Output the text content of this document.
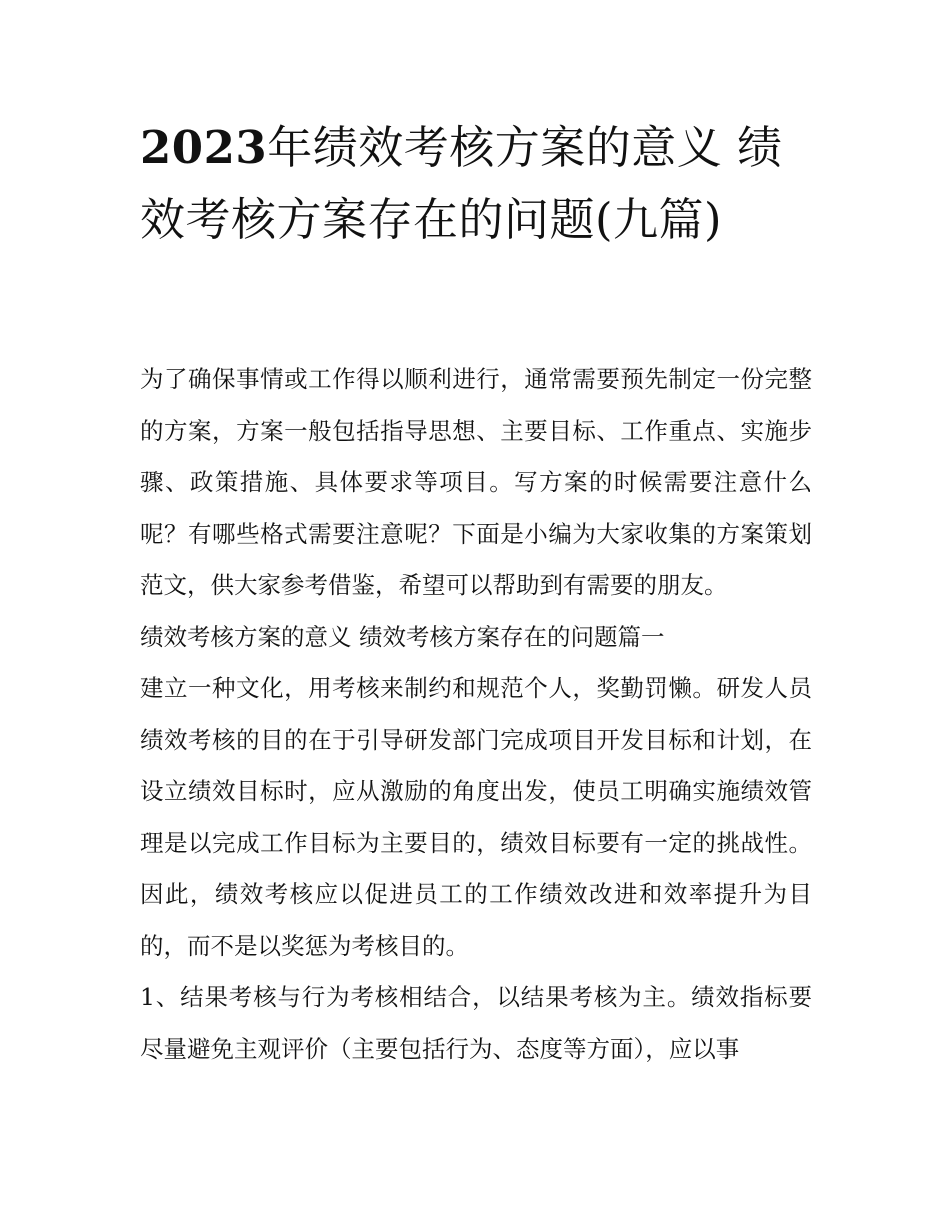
2023年绩效考核方案的意义 绩效考核方案存在的问题(九篇)

为了确保事情或工作得以顺利进行，通常需要预先制定一份完整的方案，方案一般包括指导思想、主要目标、工作重点、实施步骤、政策措施、具体要求等项目。写方案的时候需要注意什么呢？有哪些格式需要注意呢？下面是小编为大家收集的方案策划范文，供大家参考借鉴，希望可以帮助到有需要的朋友。

绩效考核方案的意义 绩效考核方案存在的问题篇一

建立一种文化，用考核来制约和规范个人，奖勤罚懒。研发人员绩效考核的目的在于引导研发部门完成项目开发目标和计划，在设立绩效目标时，应从激励的角度出发，使员工明确实施绩效管理是以完成工作目标为主要目的，绩效目标要有一定的挑战性。因此，绩效考核应以促进员工的工作绩效改进和效率提升为目的，而不是以奖惩为考核目的。

1、结果考核与行为考核相结合，以结果考核为主。绩效指标要尽量避免主观评价（主要包括行为、态度等方面），应以事
